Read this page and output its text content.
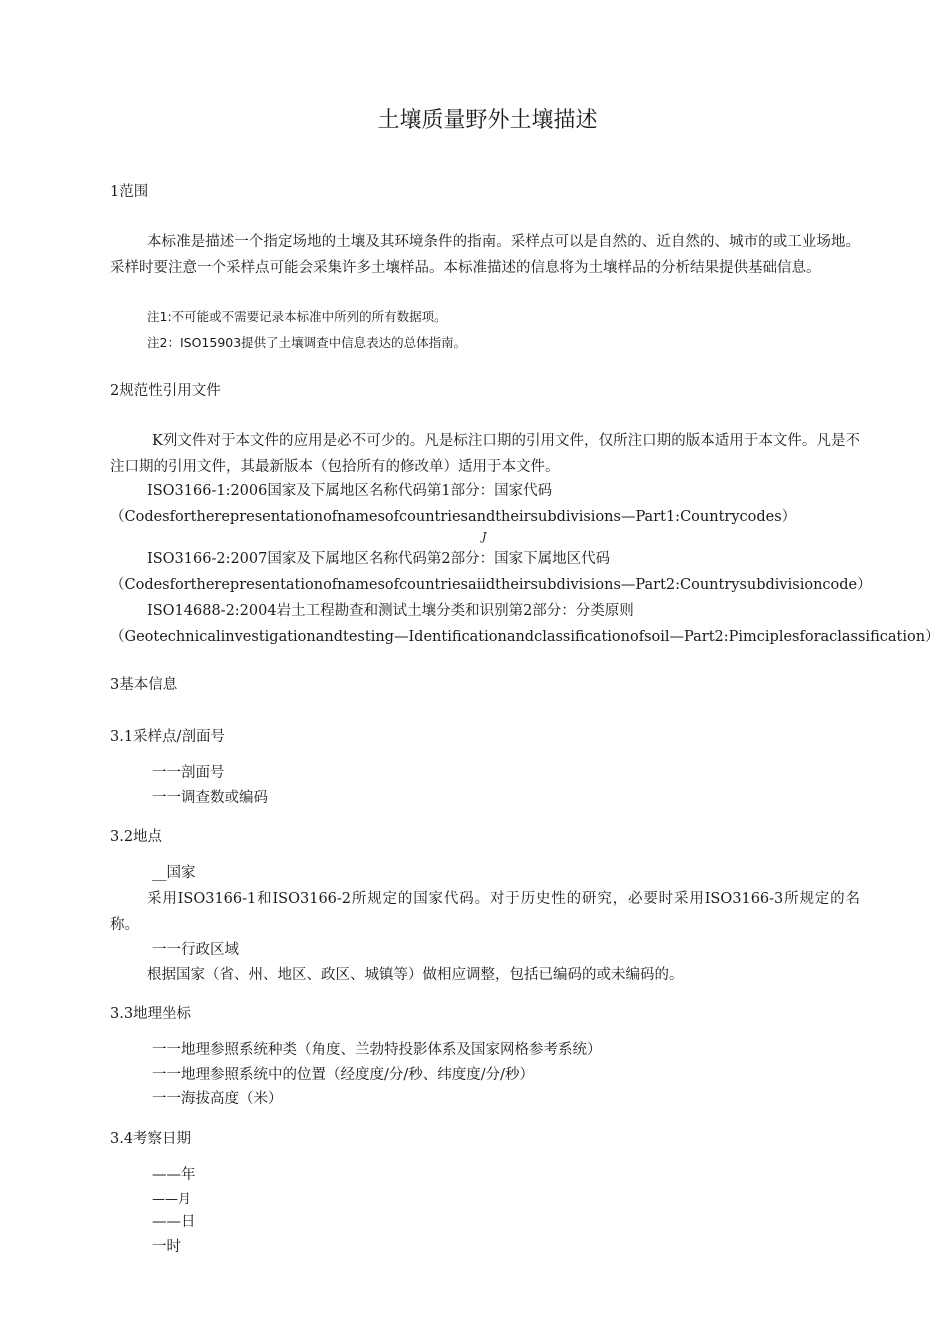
土壤质量野外土壤描述
1范围
本标准是描述一个指定场地的土壤及其环境条件的指南。采样点可以是自然的、近自然的、城市的或工业场地。采样时要注意一个采样点可能会采集许多土壤样品。本标准描述的信息将为土壤样品的分析结果提供基础信息。
注1:不可能或不需要记录本标准中所列的所有数据项。
注2：ISO15903提供了土壤调查中信息表达的总体指南。
2规范性引用文件
K列文件对于本文件的应用是必不可少的。凡是标注口期的引用文件，仅所注口期的版本适用于本文件。凡是不注口期的引用文件，其最新版本（包拾所有的修改单）适用于本文件。
ISO3166-1:2006国家及下属地区名称代码第1部分：国家代码
（Codesfortherepresentationofnamesofcountriesandtheirsubdivisions—Part1:Countrycodes）
J
ISO3166-2:2007国家及下属地区名称代码第2部分：国家下属地区代码
（Codesfortherepresentationofnamesofcountriesaiidtheirsubdivisions—Part2:Countrysubdivisioncode）
ISO14688-2:2004岩土工程勘查和测试土壤分类和识别第2部分：分类原则
（Geotechnicalinvestigationandtesting—Identificationandclassificationofsoil—Part2:Pimciplesforaclassification）
3基本信息
3.1采样点/剖面号
一一剖面号
一一调查数或编码
3.2地点
__国家
采用ISO3166-1和ISO3166-2所规定的国家代码。对于历史性的研究，必要时采用ISO3166-3所规定的名称。
一一行政区域
根据国家（省、州、地区、政区、城镇等）做相应调整，包括已编码的或未编码的。
3.3地理坐标
一一地理参照系统种类（角度、兰勃特投影体系及国家网格参考系统）
一一地理参照系统中的位置（经度度/分/秒、纬度度/分/秒）
一一海拔高度（米）
3.4考察日期
——年
——月
——日
一时
